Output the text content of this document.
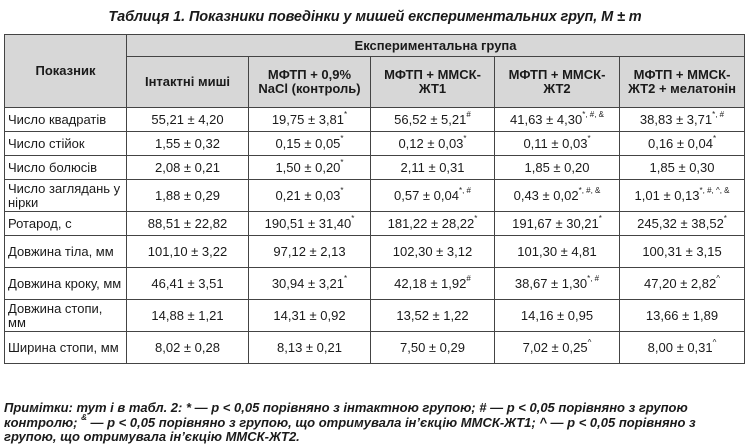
Таблиця 1. Показники поведінки у мишей експериментальних груп, M ± m
Показник	Експериментальна група				
	Інтактні миші	МФТП + 0,9% NaCl (контроль)	МФТП + ММСК-ЖТ1	МФТП + ММСК-ЖТ2	МФТП + ММСК-ЖТ2 + мелатонін
Число квадратів	55,21 ± 4,20	19,75 ± 3,81*	56,52 ± 5,21#	41,63 ± 4,30*, #, &	38,83 ± 3,71*, #
Число стійок	1,55 ± 0,32	0,15 ± 0,05*	0,12 ± 0,03*	0,11 ± 0,03*	0,16 ± 0,04*
Число болюсів	2,08 ± 0,21	1,50 ± 0,20*	2,11 ± 0,31	1,85 ± 0,20	1,85 ± 0,30
Число заглядань у нірки	1,88 ± 0,29	0,21 ± 0,03*	0,57 ± 0,04*, #	0,43 ± 0,02*, #, &	1,01 ± 0,13*, #, ^, &
Ротарод, с	88,51 ± 22,82	190,51 ± 31,40*	181,22 ± 28,22*	191,67 ± 30,21*	245,32 ± 38,52*
Довжина тіла, мм	101,10 ± 3,22	97,12 ± 2,13	102,30 ± 3,12	101,30 ± 4,81	100,31 ± 3,15
Довжина кроку, мм	46,41 ± 3,51	30,94 ± 3,21*	42,18 ± 1,92#	38,67 ± 1,30*, #	47,20 ± 2,82^
Довжина стопи, мм	14,88 ± 1,21	14,31 ± 0,92	13,52 ± 1,22	14,16 ± 0,95	13,66 ± 1,89
Ширина стопи, мм	8,02 ± 0,28	8,13 ± 0,21	7,50 ± 0,29	7,02 ± 0,25^	8,00 ± 0,31^
Примітки: тут і в табл. 2: * — p < 0,05 порівняно з інтактною групою; # — p < 0,05 порівняно з групою контролю; & — p < 0,05 порівняно з групою, що отримувала ін’єкцію ММСК-ЖТ1; ^ — p < 0,05 порівняно з групою, що отримувала ін’єкцію ММСК-ЖТ2.
